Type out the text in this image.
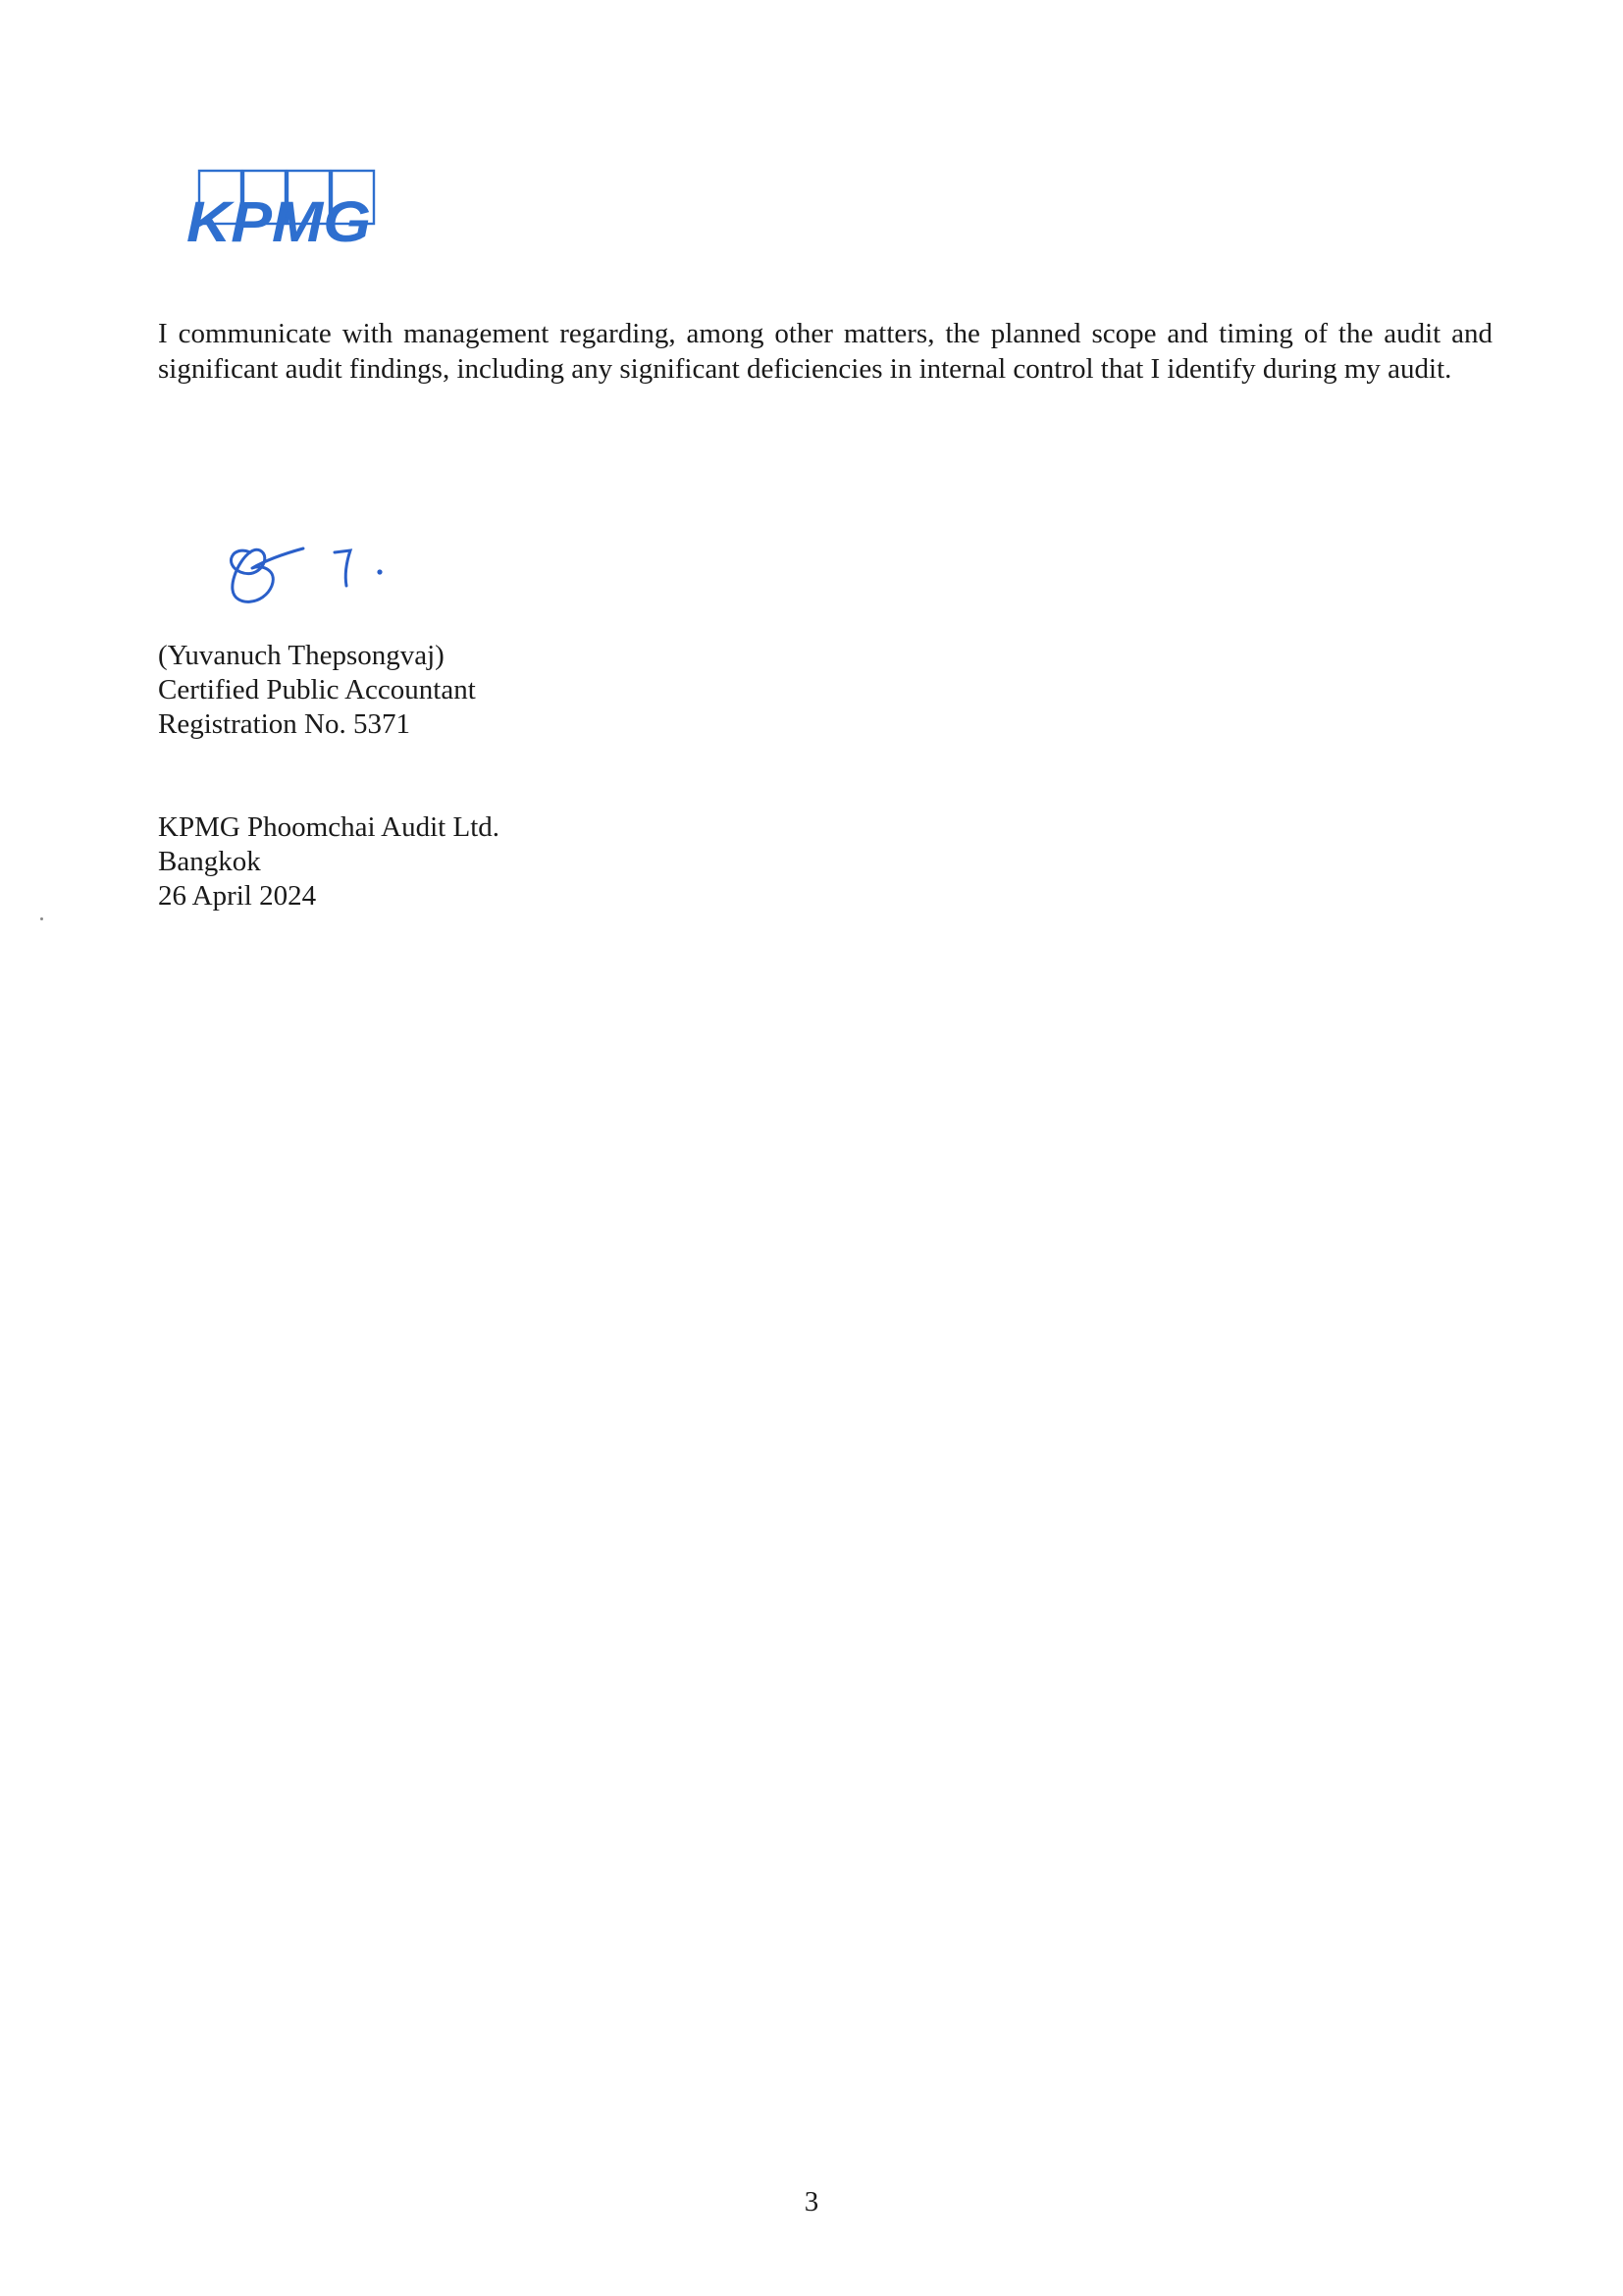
KPMG

I communicate with management regarding, among other matters, the planned scope and timing of the audit and significant audit findings, including any significant deficiencies in internal control that I identify during my audit.

(Yuvanuch Thepsongvaj)
Certified Public Accountant
Registration No. 5371
KPMG Phoomchai Audit Ltd.
Bangkok
26 April 2024
3
